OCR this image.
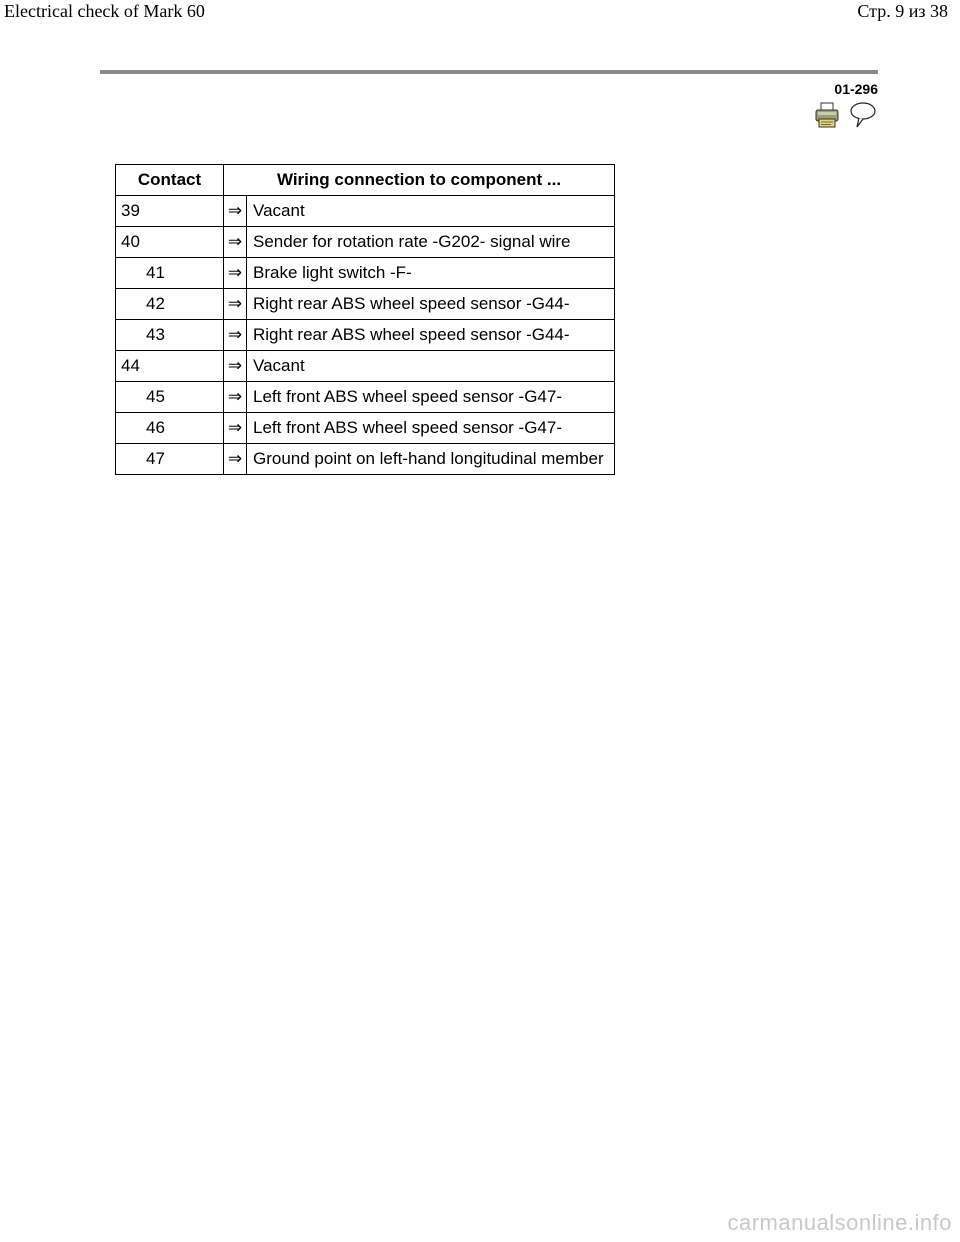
Electrical check of Mark 60	Стр. 9 из 38
01-296
Contact	Wiring connection to component ...	
39	⇒	Vacant
40	⇒	Sender for rotation rate -G202- signal wire
41	⇒	Brake light switch -F-
42	⇒	Right rear ABS wheel speed sensor -G44-
43	⇒	Right rear ABS wheel speed sensor -G44-
44	⇒	Vacant
45	⇒	Left front ABS wheel speed sensor -G47-
46	⇒	Left front ABS wheel speed sensor -G47-
47	⇒	Ground point on left-hand longitudinal member
carmanualsonline.info
